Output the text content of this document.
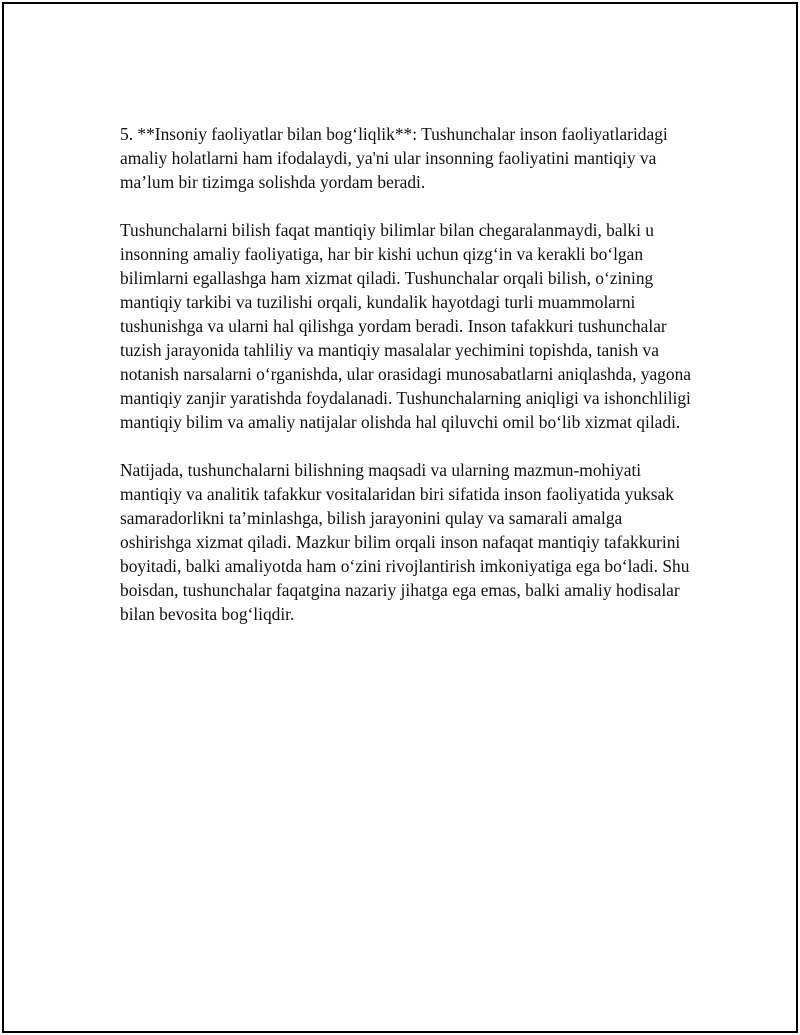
5. **Insoniy faoliyatlar bilan bog‘liqlik**: Tushunchalar inson faoliyatlaridagi amaliy holatlarni ham ifodalaydi, ya'ni ular insonning faoliyatini mantiqiy va ma’lum bir tizimga solishda yordam beradi.

Tushunchalarni bilish faqat mantiqiy bilimlar bilan chegaralanmaydi, balki u insonning amaliy faoliyatiga, har bir kishi uchun qizg‘in va kerakli bo‘lgan bilimlarni egallashga ham xizmat qiladi. Tushunchalar orqali bilish, o‘zining mantiqiy tarkibi va tuzilishi orqali, kundalik hayotdagi turli muammolarni tushunishga va ularni hal qilishga yordam beradi. Inson tafakkuri tushunchalar tuzish jarayonida tahliliy va mantiqiy masalalar yechimini topishda, tanish va notanish narsalarni o‘rganishda, ular orasidagi munosabatlarni aniqlashda, yagona mantiqiy zanjir yaratishda foydalanadi. Tushunchalarning aniqligi va ishonchliligi mantiqiy bilim va amaliy natijalar olishda hal qiluvchi omil bo‘lib xizmat qiladi.

Natijada, tushunchalarni bilishning maqsadi va ularning mazmun-mohiyati mantiqiy va analitik tafakkur vositalaridan biri sifatida inson faoliyatida yuksak samaradorlikni ta’minlashga, bilish jarayonini qulay va samarali amalga oshirishga xizmat qiladi. Mazkur bilim orqali inson nafaqat mantiqiy tafakkurini boyitadi, balki amaliyotda ham o‘zini rivojlantirish imkoniyatiga ega bo‘ladi. Shu boisdan, tushunchalar faqatgina nazariy jihatga ega emas, balki amaliy hodisalar bilan bevosita bog‘liqdir.
